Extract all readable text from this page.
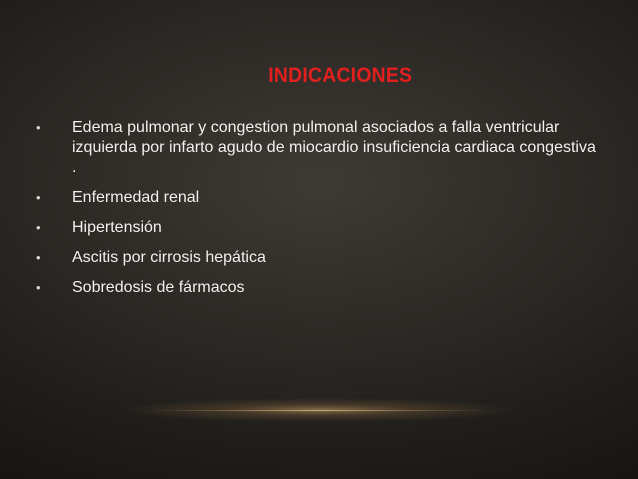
INDICACIONES
•	Edema pulmonar y congestion pulmonal asociados a falla ventricular izquierda por infarto agudo de miocardio insuficiencia cardiaca congestiva .
•	Enfermedad renal
•	Hipertensión
•	Ascitis por cirrosis hepática
•	Sobredosis de fármacos
